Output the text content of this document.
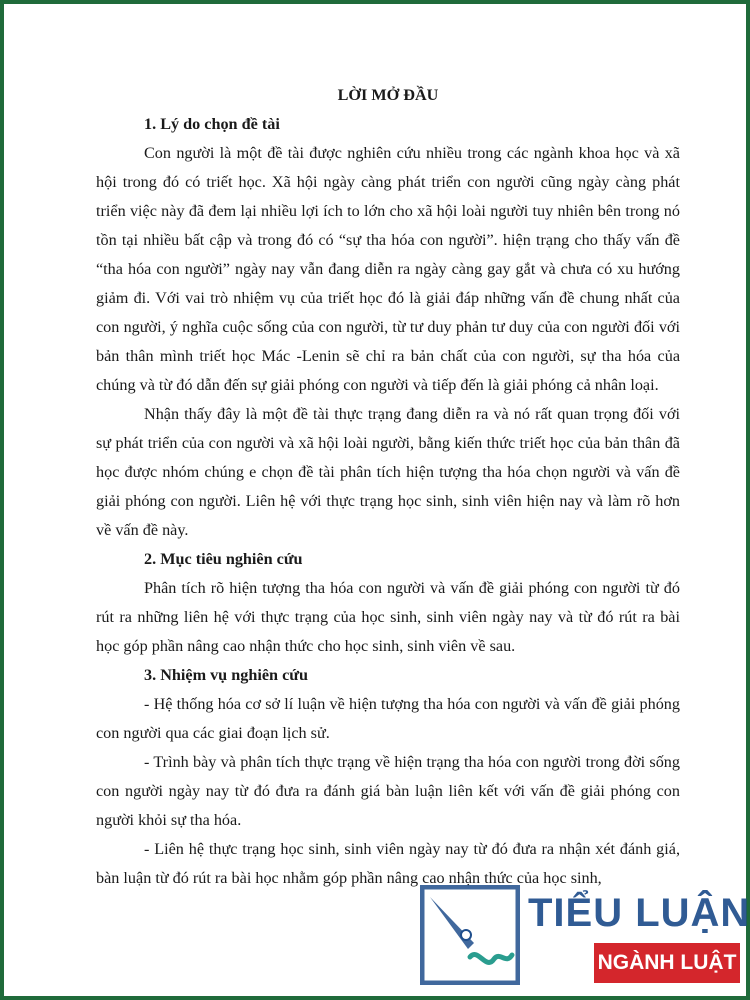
LỜI MỞ ĐẦU

1. Lý do chọn đề tài

Con người là một đề tài được nghiên cứu nhiều trong các ngành khoa học và xã hội trong đó có triết học. Xã hội ngày càng phát triển con người cũng ngày càng phát triển việc này đã đem lại nhiều lợi ích to lớn cho xã hội loài người tuy nhiên bên trong nó tồn tại nhiều bất cập và trong đó có “sự tha hóa con người”. hiện trạng cho thấy vấn đề “tha hóa con người” ngày nay vẫn đang diễn ra ngày càng gay gắt và chưa có xu hướng giảm đi. Với vai trò nhiệm vụ của triết học đó là giải đáp những vấn đề chung nhất của con người, ý nghĩa cuộc sống của con người, từ tư duy phản tư duy của con người đối với bản thân mình triết học Mác -Lenin sẽ chỉ ra bản chất của con người, sự tha hóa của chúng và từ đó dẫn đến sự giải phóng con người và tiếp đến là giải phóng cả nhân loại.

Nhận thấy đây là một đề tài thực trạng đang diễn ra và nó rất quan trọng đối với sự phát triển của con người và xã hội loài người, bằng kiến thức triết học của bản thân đã học được nhóm chúng e chọn đề tài phân tích hiện tượng tha hóa chọn người và vấn đề giải phóng con người. Liên hệ với thực trạng học sinh, sinh viên hiện nay và làm rõ hơn về vấn đề này.

2. Mục tiêu nghiên cứu

Phân tích rõ hiện tượng tha hóa con người và vấn đề giải phóng con người từ đó rút ra những liên hệ với thực trạng của học sinh, sinh viên ngày nay và từ đó rút ra bài học góp phần nâng cao nhận thức cho học sinh, sinh viên về sau.

3. Nhiệm vụ nghiên cứu

- Hệ thống hóa cơ sở lí luận về hiện tượng tha hóa con người và vấn đề giải phóng con người qua các giai đoạn lịch sử.

- Trình bày và phân tích thực trạng về hiện trạng tha hóa con người trong đời sống con người ngày nay từ đó đưa ra đánh giá bàn luận liên kết với vấn đề giải phóng con người khỏi sự tha hóa.

- Liên hệ thực trạng học sinh, sinh viên ngày nay từ đó đưa ra nhận xét đánh giá, bàn luận từ đó rút ra bài học nhằm góp phần nâng cao nhận thức của học sinh,

TIỂU LUẬN
NGÀNH LUẬT
